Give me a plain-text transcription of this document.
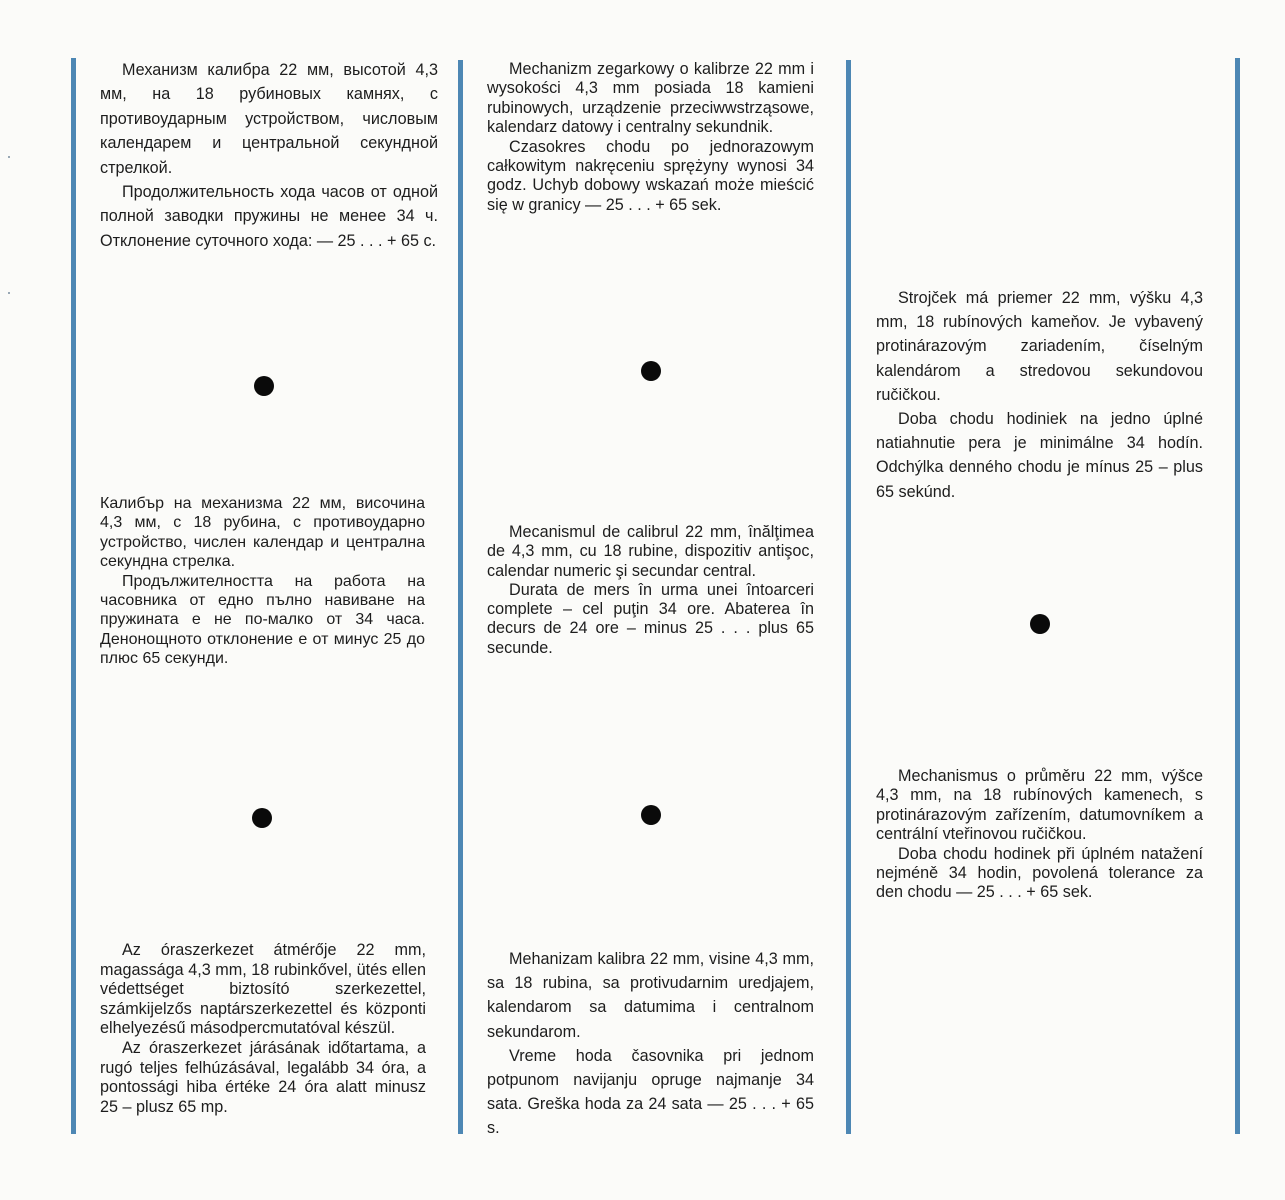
Механизм калибра 22 мм, высотой 4,3 мм, на 18 рубиновых камнях, с противоударным устройством, числовым календарем и центральной секундной стрелкой.

Продолжительность хода часов от одной полной заводки пружины не менее 34 ч. Отклонение суточного хода: — 25 . . . + 65 с.

Калибър на механизма 22 мм, височина 4,3 мм, с 18 рубина, с противоударно устройство, числен календар и централна секундна стрелка.

Продължителността на работа на часовника от едно пълно навиване на пружината е не по-малко от 34 часа. Денонощното отклонение е от минус 25 до плюс 65 секунди.

Az óraszerkezet átmérője 22 mm, magassága 4,3 mm, 18 rubinkővel, ütés ellen védettséget biztosító szerkezettel, számkijelzős naptárszerkezettel és központi elhelyezésű másodpercmutatóval készül.

Az óraszerkezet járásának időtartama, a rugó teljes felhúzásával, legalább 34 óra, a pontossági hiba értéke 24 óra alatt minusz 25 – plusz 65 mp.

Mechanizm zegarkowy o kalibrze 22 mm i wysokości 4,3 mm posiada 18 kamieni rubinowych, urządzenie przeciwwstrząsowe, kalendarz datowy i centralny sekundnik.

Czasokres chodu po jednorazowym całkowitym nakręceniu sprężyny wynosi 34 godz. Uchyb dobowy wskazań może mieścić się w granicy — 25 . . . + 65 sek.

Mecanismul de calibrul 22 mm, înălţimea de 4,3 mm, cu 18 rubine, dispozitiv antişoc, calendar numeric şi secundar central.

Durata de mers în urma unei întoarceri complete – cel puţin 34 ore. Abaterea în decurs de 24 ore – minus 25 . . . plus 65 secunde.

Mehanizam kalibra 22 mm, visine 4,3 mm, sa 18 rubina, sa protivudarnim uredjajem, kalendarom sa datumima i centralnom sekundarom.

Vreme hoda časovnika pri jednom potpunom navijanju opruge najmanje 34 sata. Greška hoda za 24 sata — 25 . . . + 65 s.

Strojček má priemer 22 mm, výšku 4,3 mm, 18 rubínových kameňov. Je vybavený protinárazovým zariadením, číselným kalendárom a stredovou sekundovou ručičkou.

Doba chodu hodiniek na jedno úplné natiahnutie pera je minimálne 34 hodín. Odchýlka denného chodu je mínus 25 – plus 65 sekúnd.

Mechanismus o průměru 22 mm, výšce 4,3 mm, na 18 rubínových kamenech, s protinárazovým zařízením, datumovníkem a centrální vteřinovou ručičkou.

Doba chodu hodinek při úplném natažení nejméně 34 hodin, povolená tolerance za den chodu — 25 . . . + 65 sek.
